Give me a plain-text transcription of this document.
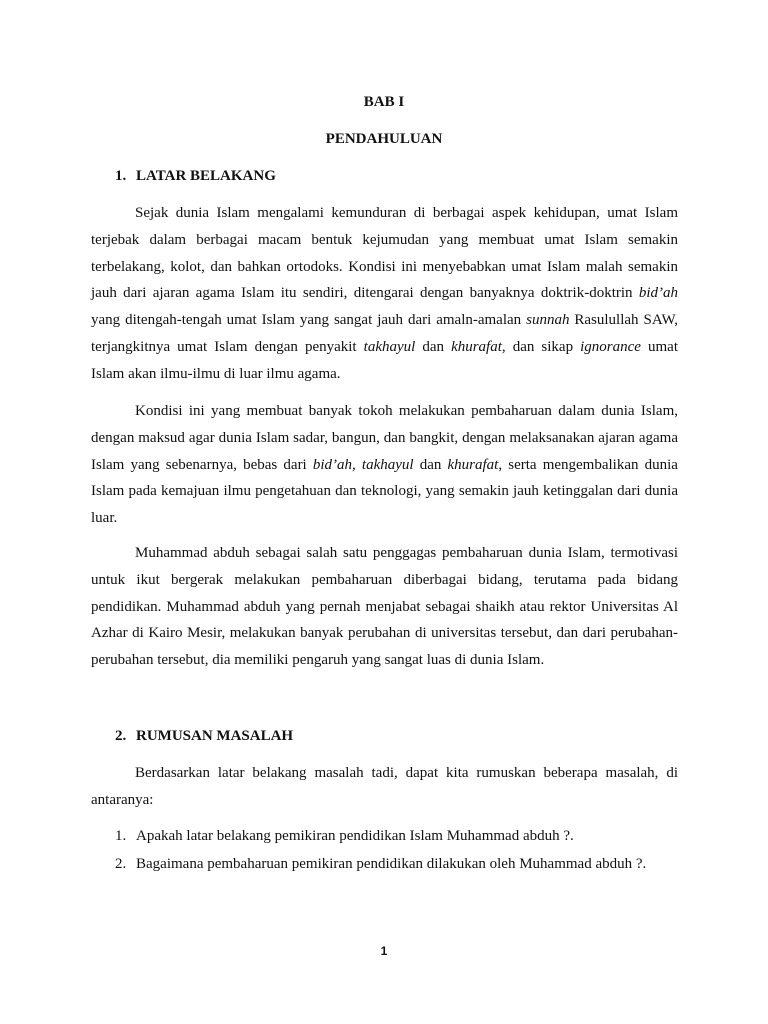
BAB I

PENDAHULUAN

1. LATAR BELAKANG

Sejak dunia Islam mengalami kemunduran di berbagai aspek kehidupan, umat Islam terjebak dalam berbagai macam bentuk kejumudan yang membuat umat Islam semakin terbelakang, kolot, dan bahkan ortodoks. Kondisi ini menyebabkan umat Islam malah semakin jauh dari ajaran agama Islam itu sendiri, ditengarai dengan banyaknya doktrik-doktrin bid’ah yang ditengah-tengah umat Islam yang sangat jauh dari amaln-amalan sunnah Rasulullah SAW, terjangkitnya umat Islam dengan penyakit takhayul dan khurafat, dan sikap ignorance umat Islam akan ilmu-ilmu di luar ilmu agama.

Kondisi ini yang membuat banyak tokoh melakukan pembaharuan dalam dunia Islam, dengan maksud agar dunia Islam sadar, bangun, dan bangkit, dengan melaksanakan ajaran agama Islam yang sebenarnya, bebas dari bid’ah, takhayul dan khurafat, serta mengembalikan dunia Islam pada kemajuan ilmu pengetahuan dan teknologi, yang semakin jauh ketinggalan dari dunia luar.

Muhammad abduh sebagai salah satu penggagas pembaharuan dunia Islam, termotivasi untuk ikut bergerak melakukan pembaharuan diberbagai bidang, terutama pada bidang pendidikan. Muhammad abduh yang pernah menjabat sebagai shaikh atau rektor Universitas Al Azhar di Kairo Mesir, melakukan banyak perubahan di universitas tersebut, dan dari perubahan-perubahan tersebut, dia memiliki pengaruh yang sangat luas di dunia Islam.

2. RUMUSAN MASALAH

Berdasarkan latar belakang masalah tadi, dapat kita rumuskan beberapa masalah, di antaranya:

1. Apakah latar belakang pemikiran pendidikan Islam Muhammad abduh ?.

2. Bagaimana pembaharuan pemikiran pendidikan dilakukan oleh Muhammad abduh ?.

1
